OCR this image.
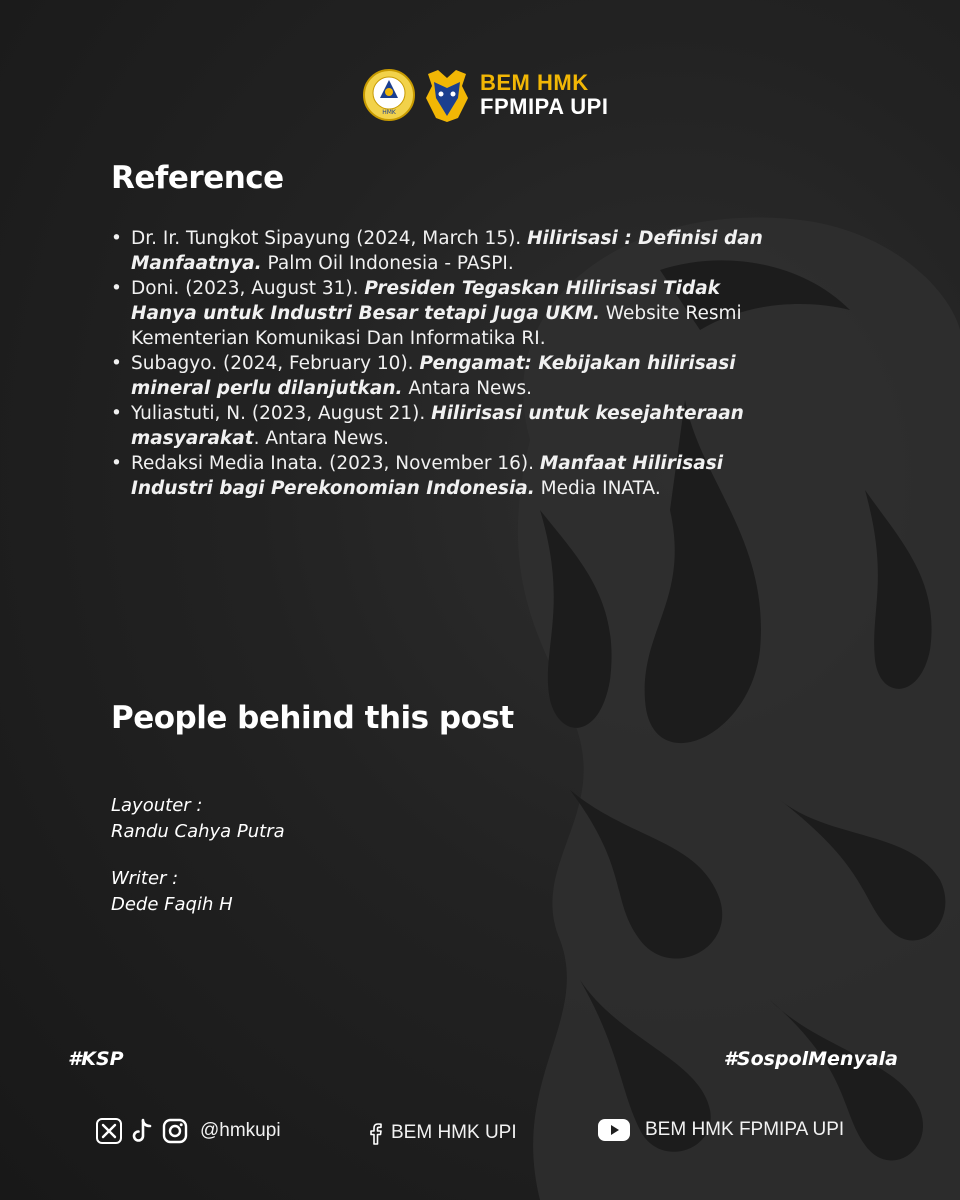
HMK
BEM HMK
FPMIPA UPI
Reference
• Dr. Ir. Tungkot Sipayung (2024, March 15). Hilirisasi : Definisi dan Manfaatnya. Palm Oil Indonesia - PASPI.
• Doni. (2023, August 31). Presiden Tegaskan Hilirisasi Tidak Hanya untuk Industri Besar tetapi Juga UKM. Website Resmi Kementerian Komunikasi Dan Informatika RI.
• Subagyo. (2024, February 10). Pengamat: Kebijakan hilirisasi mineral perlu dilanjutkan. Antara News.
• Yuliastuti, N. (2023, August 21). Hilirisasi untuk kesejahteraan masyarakat. Antara News.
• Redaksi Media Inata. (2023, November 16). Manfaat Hilirisasi Industri bagi Perekonomian Indonesia. Media INATA.
People behind this post
Layouter :
Randu Cahya Putra
Writer :
Dede Faqih H
#KSP	#SospolMenyala
@hmkupi	BEM HMK UPI	BEM HMK FPMIPA UPI
